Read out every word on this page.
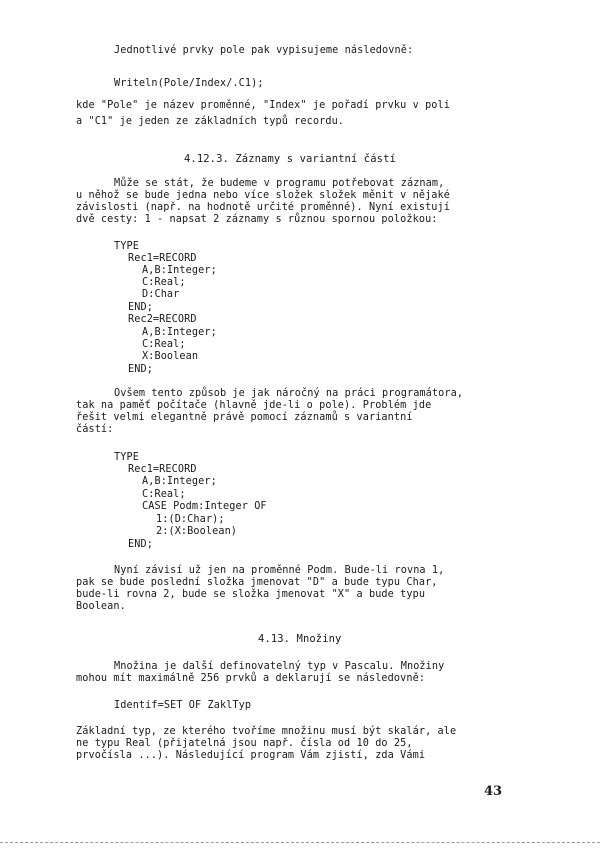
Jednotlivé prvky pole pak vypisujeme následovně:
Writeln(Pole/Index/.C1);
kde "Pole" je název proměnné, "Index" je pořadí prvku v poli
a "C1" je jeden ze základních typů recordu.
4.12.3. Záznamy s variantní částí
Může se stát, že budeme v programu potřebovat záznam,
u něhož se bude jedna nebo více složek složek měnit v nějaké
závislosti (např. na hodnotě určité proměnné). Nyní existují
dvě cesty: 1 - napsat 2 záznamy s různou spornou položkou:
TYPE
Rec1=RECORD
A,B:Integer;
C:Real;
D:Char
END;
Rec2=RECORD
A,B:Integer;
C:Real;
X:Boolean
END;
Ovšem tento způsob je jak náročný na práci programátora,
tak na paměť počítače (hlavně jde-li o pole). Problém jde
řešit velmi elegantně právě pomocí záznamů s variantní
částí:
TYPE
Rec1=RECORD
A,B:Integer;
C:Real;
CASE Podm:Integer OF
1:(D:Char);
2:(X:Boolean)
END;
Nyní závisí už jen na proměnné Podm. Bude-li rovna 1,
pak se bude poslední složka jmenovat "D" a bude typu Char,
bude-li rovna 2, bude se složka jmenovat "X" a bude typu
Boolean.
4.13. Množiny
Množina je další definovatelný typ v Pascalu. Množiny
mohou mít maximálně 256 prvků a deklarují se následovně:
Identif=SET OF ZaklTyp
Základní typ, ze kterého tvoříme množinu musí být skalár, ale
ne typu Real (přijatelná jsou např. čísla od 10 do 25,
prvočísla ...). Následující program Vám zjistí, zda Vámi
43
